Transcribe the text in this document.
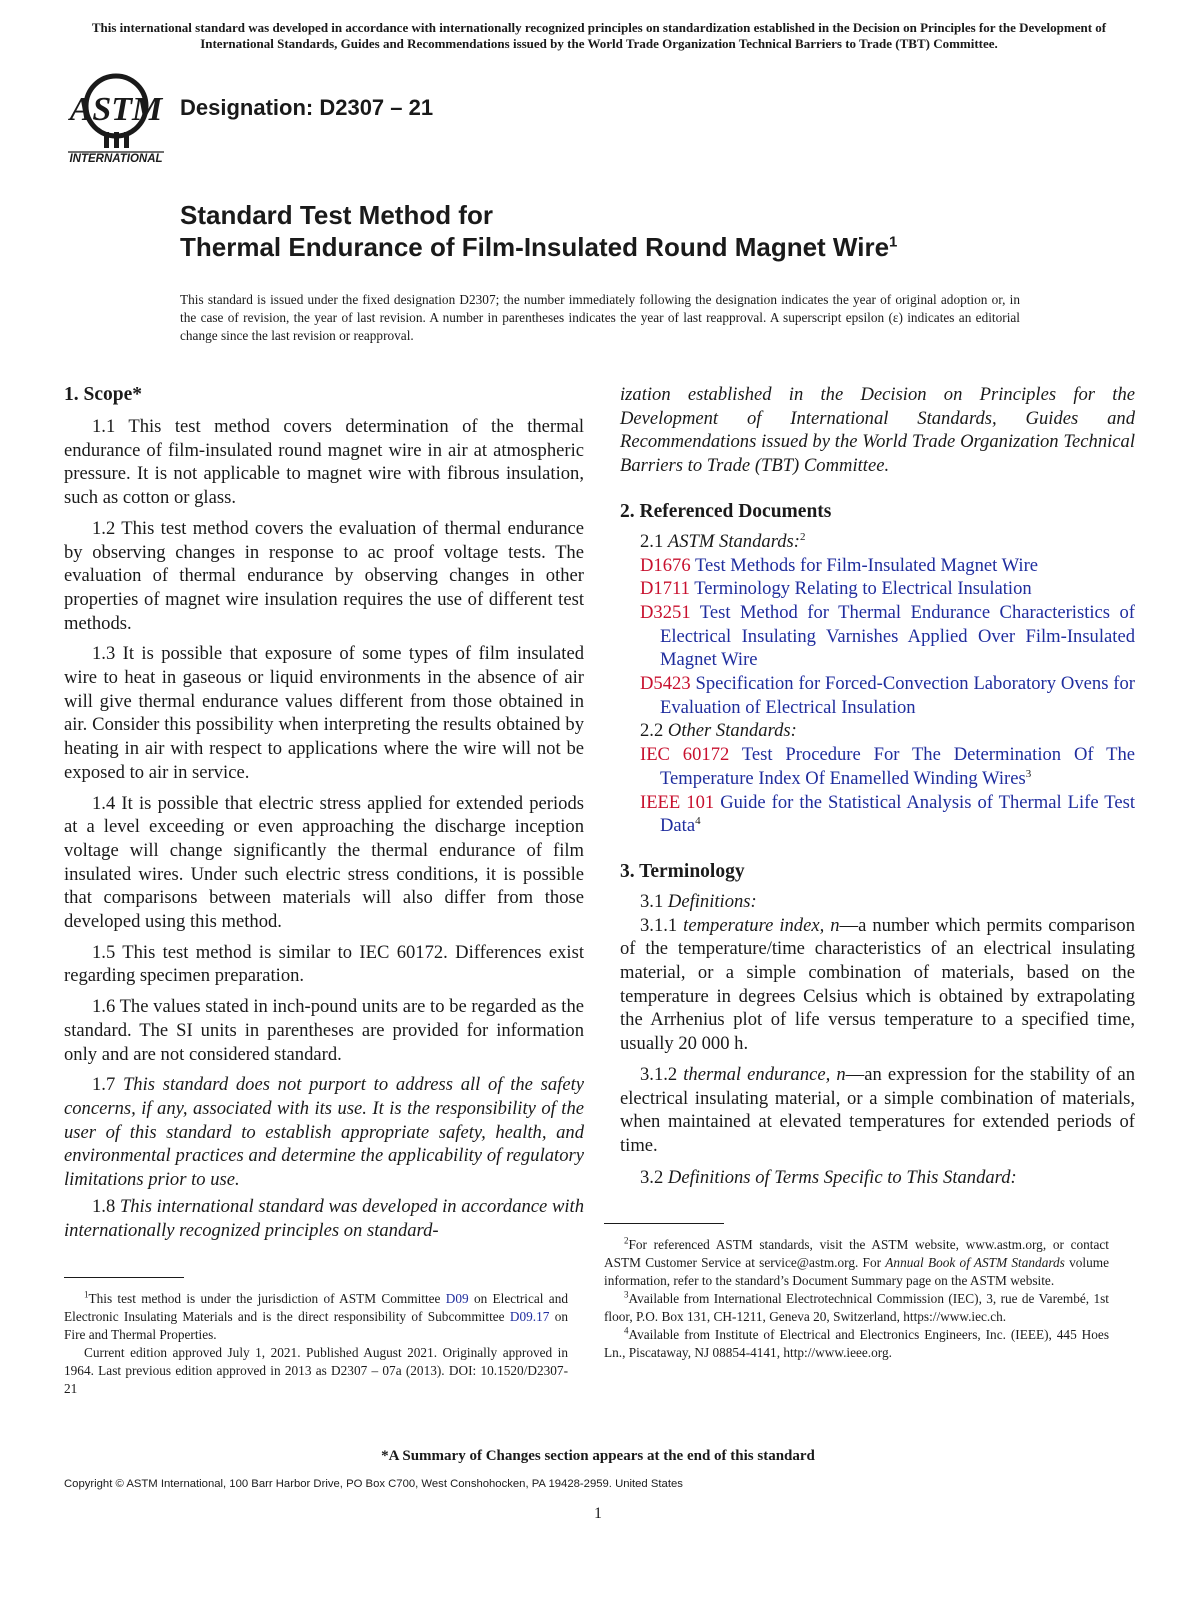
This international standard was developed in accordance with internationally recognized principles on standardization established in the Decision on Principles for the Development of International Standards, Guides and Recommendations issued by the World Trade Organization Technical Barriers to Trade (TBT) Committee.
ASTM
INTERNATIONAL
Designation: D2307 – 21
Standard Test Method for
Thermal Endurance of Film-Insulated Round Magnet Wire$^1$
This standard is issued under the fixed designation D2307; the number immediately following the designation indicates the year of original adoption or, in the case of revision, the year of last revision. A number in parentheses indicates the year of last reapproval. A superscript epsilon (ε) indicates an editorial change since the last revision or reapproval.
1. Scope*

1.1 This test method covers determination of the thermal endurance of film-insulated round magnet wire in air at atmospheric pressure. It is not applicable to magnet wire with fibrous insulation, such as cotton or glass.

1.2 This test method covers the evaluation of thermal endurance by observing changes in response to ac proof voltage tests. The evaluation of thermal endurance by observing changes in other properties of magnet wire insulation requires the use of different test methods.

1.3 It is possible that exposure of some types of film insulated wire to heat in gaseous or liquid environments in the absence of air will give thermal endurance values different from those obtained in air. Consider this possibility when interpreting the results obtained by heating in air with respect to applications where the wire will not be exposed to air in service.

1.4 It is possible that electric stress applied for extended periods at a level exceeding or even approaching the discharge inception voltage will change significantly the thermal endurance of film insulated wires. Under such electric stress conditions, it is possible that comparisons between materials will also differ from those developed using this method.

1.5 This test method is similar to IEC 60172. Differences exist regarding specimen preparation.

1.6 The values stated in inch-pound units are to be regarded as the standard. The SI units in parentheses are provided for information only and are not considered standard.

1.7 This standard does not purport to address all of the safety concerns, if any, associated with its use. It is the responsibility of the user of this standard to establish appropriate safety, health, and environmental practices and determine the applicability of regulatory limitations prior to use.

1.8 This international standard was developed in accordance with internationally recognized principles on standard-

ization established in the Decision on Principles for the Development of International Standards, Guides and Recommendations issued by the World Trade Organization Technical Barriers to Trade (TBT) Committee.

2. Referenced Documents

2.1 ASTM Standards:$^2$

D1676 Test Methods for Film-Insulated Magnet Wire

D1711 Terminology Relating to Electrical Insulation

D3251 Test Method for Thermal Endurance Characteristics of Electrical Insulating Varnishes Applied Over Film-Insulated Magnet Wire

D5423 Specification for Forced-Convection Laboratory Ovens for Evaluation of Electrical Insulation

2.2 Other Standards:

IEC 60172 Test Procedure For The Determination Of The Temperature Index Of Enamelled Winding Wires$^3$

IEEE 101 Guide for the Statistical Analysis of Thermal Life Test Data$^4$

3. Terminology

3.1 Definitions:

3.1.1 temperature index, n—a number which permits comparison of the temperature/time characteristics of an electrical insulating material, or a simple combination of materials, based on the temperature in degrees Celsius which is obtained by extrapolating the Arrhenius plot of life versus temperature to a specified time, usually 20 000 h.

3.1.2 thermal endurance, n—an expression for the stability of an electrical insulating material, or a simple combination of materials, when maintained at elevated temperatures for extended periods of time.

3.2 Definitions of Terms Specific to This Standard:

$^1$This test method is under the jurisdiction of ASTM Committee D09 on Electrical and Electronic Insulating Materials and is the direct responsibility of Subcommittee D09.17 on Fire and Thermal Properties.

Current edition approved July 1, 2021. Published August 2021. Originally approved in 1964. Last previous edition approved in 2013 as D2307 – 07a (2013). DOI: 10.1520/D2307-21

$^2$For referenced ASTM standards, visit the ASTM website, www.astm.org, or contact ASTM Customer Service at service@astm.org. For Annual Book of ASTM Standards volume information, refer to the standard’s Document Summary page on the ASTM website.

$^3$Available from International Electrotechnical Commission (IEC), 3, rue de Varembé, 1st floor, P.O. Box 131, CH-1211, Geneva 20, Switzerland, https://www.iec.ch.

$^4$Available from Institute of Electrical and Electronics Engineers, Inc. (IEEE), 445 Hoes Ln., Piscataway, NJ 08854-4141, http://www.ieee.org.

*A Summary of Changes section appears at the end of this standard
Copyright © ASTM International, 100 Barr Harbor Drive, PO Box C700, West Conshohocken, PA 19428-2959. United States
1
